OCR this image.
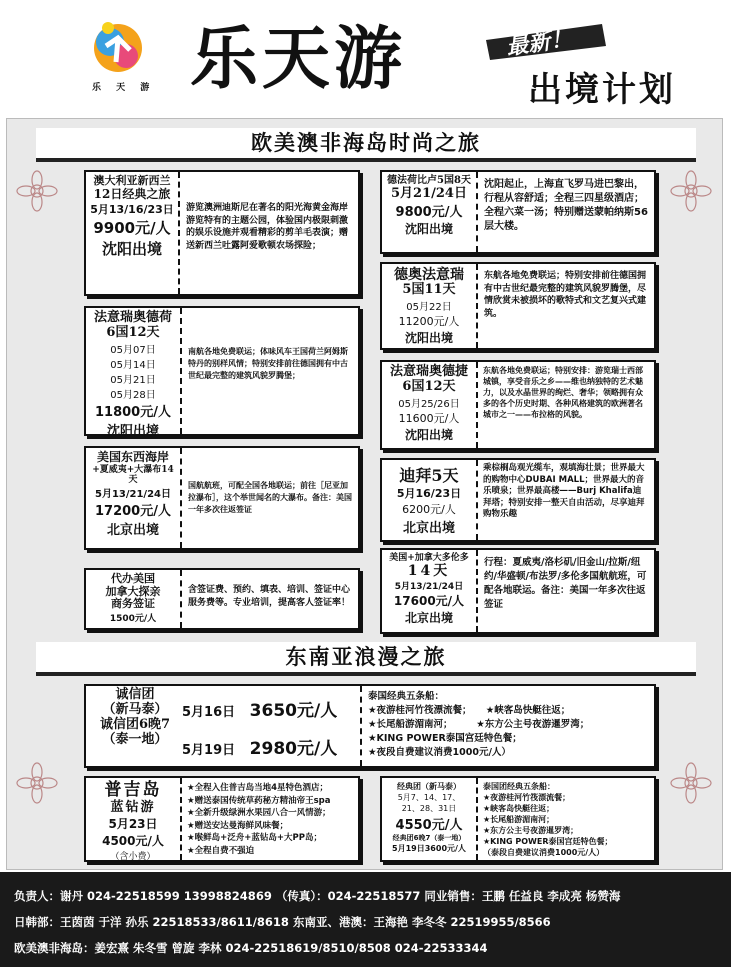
乐 天 游 乐天游	最新！
出境计划
欧美澳非海岛时尚之旅
澳大利亚新西兰
12日经典之旅
5月13/16/23日
9900元/人
沈阳出境
游览澳洲迪斯尼在著名的阳光海黄金海岸游览特有的主题公园，体验国内极限刺激的娱乐设施并观看精彩的剪羊毛表演；赠送新西兰吐露阿爱歌顿农场探险；
德法荷比卢5国8天
5月21/24日
9800元/人
沈阳出境
沈阳起止，上海直飞罗马进巴黎出，行程从容舒适；全程三四星级酒店；全程六菜一汤；特别赠送蒙帕纳斯56层大楼。
法意瑞奥德荷
6国12天
05月07日
05月14日
05月21日
05月28日
11800元/人
沈阳出境
南航各地免费联运；体味风车王国荷兰阿姆斯特丹的别样风情；特别安排前往德国拥有中古世纪最完整的建筑风貌罗腾堡；
德奥法意瑞
5国11天
05月22日
11200元/人
沈阳出境
东航各地免费联运；特别安排前往德国拥有中古世纪最完整的建筑风貌罗腾堡，尽情欣赏未被损坏的歌特式和文艺复兴式建筑。
法意瑞奥德捷
6国12天
05月25/26日
11600元/人
沈阳出境
东航各地免费联运；特别安排：游览瑞士西部城镇，享受音乐之乡——维也纳独特的艺术魅力，以及水晶世界的绚烂、奢华；领略拥有众多的各个历史时期、各种风格建筑的欧洲著名城市之一——布拉格的风貌。
美国东西海岸
+夏威夷+大瀑布14天
5月13/21/24日
17200元/人
北京出境
国航航班，可配全国各地联运；前往［尼亚加拉瀑布］，这个举世闻名的大瀑布。备注：美国一年多次往返签证
迪拜5天
5月16/23日
6200元/人
北京出境
乘棕榈岛观光缆车，观填海壮景；世界最大的购物中心DUBAI MALL；世界最大的音乐喷泉；世界最高楼——Burj Khalifa迪拜塔；特别安排一整天自由活动，尽享迪拜购物乐趣
代办美国
加拿大探亲
商务签证
1500元/人
含签证费、预约、填表、培训、签证中心服务费等。专业培训，提高客人签证率！
美国+加拿大多伦多
14天
5月13/21/24日
17600元/人
北京出境
行程：夏威夷/洛杉矶/旧金山/拉斯/纽约/华盛顿/布法罗/多伦多国航航班，可配各地联运。备注：美国一年多次往返签证
东南亚浪漫之旅
诚信团
（新马泰）
诚信团6晚7
（泰一地）
5月16日 3650元/人
5月19日 2980元/人
泰国经典五条船：
★夜游桂河竹筏漂流餐；　　★峡客岛快艇往返；
★长尾船游湄南河；　　　★东方公主号夜游暹罗湾；
★KING POWER泰国宫廷特色餐；
★夜段自费建议消费1000元/人）
普吉岛
蓝钻游
5月23日
4500元/人
（含小费）
★全程入住普吉岛当地4星特色酒店；
★赠送泰国传统草药秘方精油帝王spa
★全新升级绿洲水果园八合一风情游；
★赠送安达曼海鲜风味餐；
★喉鲜岛+泛舟+蓝钻岛+大PP岛；
★全程自费不强迫
经典团（新马泰）
5月7、14、17、
21、28、31日
4550元/人
经典团6晚7（泰一地）
5月19日3600元/人
泰国团经典五条船：
★夜游桂河竹筏漂流餐；
★峡客岛快艇往返；
★长尾船游湄南河；
★东方公主号夜游暹罗湾；
★KING POWER泰国宫廷特色餐；
（泰段自费建议消费1000元/人）
负责人：谢丹 024-22518599 13998824869 （传真）：024-22518577 同业销售：王鹏 任益良 李成亮 杨赞海
日韩部：王茵茵 于洋 孙乐 22518533/8611/8618 东南亚、港澳：王海艳 李冬冬 22519955/8566
欧美澳非海岛：姜宏熹 朱冬雪 曾旋 李林 024-22518619/8510/8508 024-22533344
